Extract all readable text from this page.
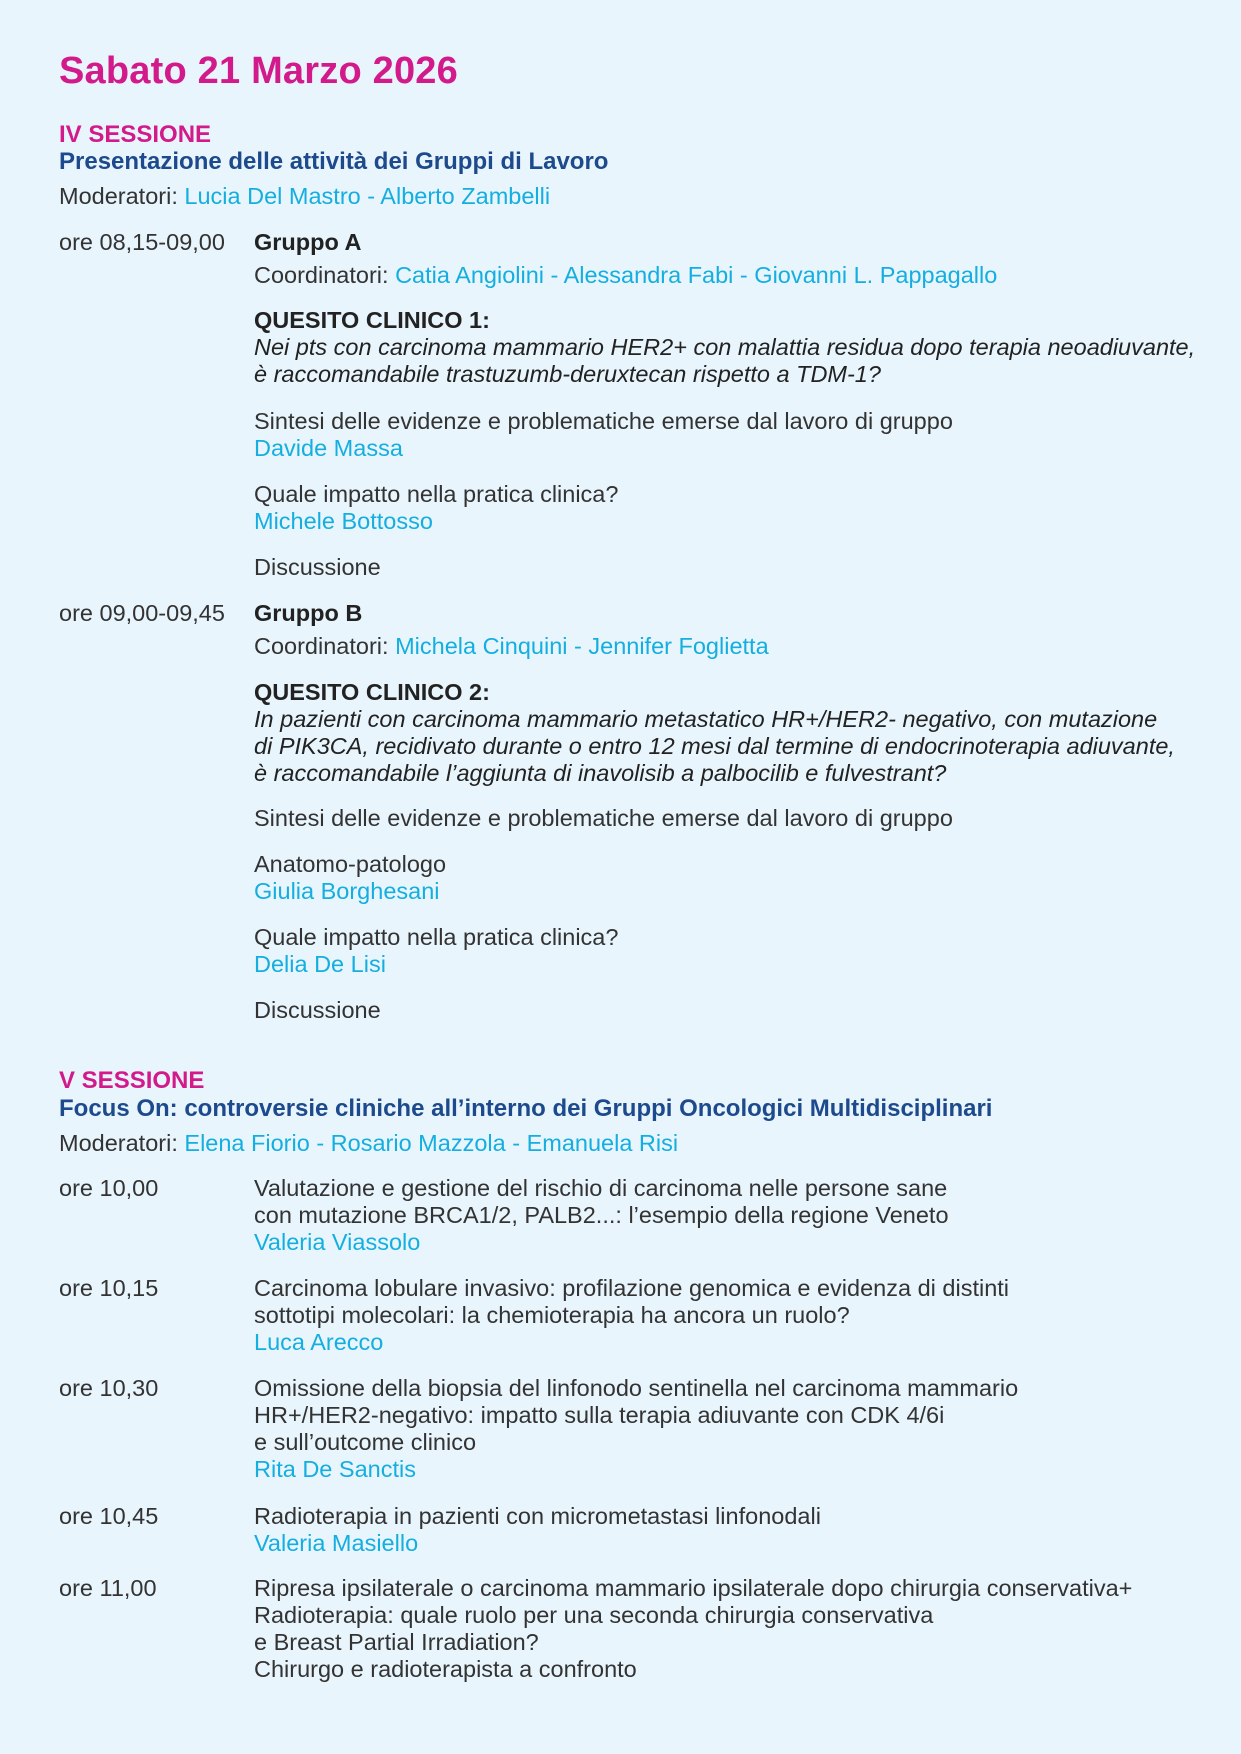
Sabato 21 Marzo 2026
IV SESSIONE
Presentazione delle attività dei Gruppi di Lavoro
Moderatori: Lucia Del Mastro - Alberto Zambelli
ore 08,15-09,00 Gruppo A
Coordinatori: Catia Angiolini - Alessandra Fabi - Giovanni L. Pappagallo
QUESITO CLINICO 1:
Nei pts con carcinoma mammario HER2+ con malattia residua dopo terapia neoadiuvante,
è raccomandabile trastuzumb-deruxtecan rispetto a TDM-1?
Sintesi delle evidenze e problematiche emerse dal lavoro di gruppo
Davide Massa
Quale impatto nella pratica clinica?
Michele Bottosso
Discussione
ore 09,00-09,45 Gruppo B
Coordinatori: Michela Cinquini - Jennifer Foglietta
QUESITO CLINICO 2:
In pazienti con carcinoma mammario metastatico HR+/HER2- negativo, con mutazione
di PIK3CA, recidivato durante o entro 12 mesi dal termine di endocrinoterapia adiuvante,
è raccomandabile l’aggiunta di inavolisib a palbocilib e fulvestrant?
Sintesi delle evidenze e problematiche emerse dal lavoro di gruppo
Anatomo-patologo
Giulia Borghesani
Quale impatto nella pratica clinica?
Delia De Lisi
Discussione
V SESSIONE
Focus On: controversie cliniche all’interno dei Gruppi Oncologici Multidisciplinari
Moderatori: Elena Fiorio - Rosario Mazzola - Emanuela Risi
ore 10,00	Valutazione e gestione del rischio di carcinoma nelle persone sane
con mutazione BRCA1/2, PALB2...: l’esempio della regione Veneto
Valeria Viassolo
ore 10,15	Carcinoma lobulare invasivo: profilazione genomica e evidenza di distinti
sottotipi molecolari: la chemioterapia ha ancora un ruolo?
Luca Arecco
ore 10,30	Omissione della biopsia del linfonodo sentinella nel carcinoma mammario
HR+/HER2-negativo: impatto sulla terapia adiuvante con CDK 4/6i
e sull’outcome clinico
Rita De Sanctis
ore 10,45	Radioterapia in pazienti con micrometastasi linfonodali
Valeria Masiello
ore 11,00	Ripresa ipsilaterale o carcinoma mammario ipsilaterale dopo chirurgia conservativa+
Radioterapia: quale ruolo per una seconda chirurgia conservativa
e Breast Partial Irradiation?
Chirurgo e radioterapista a confronto
